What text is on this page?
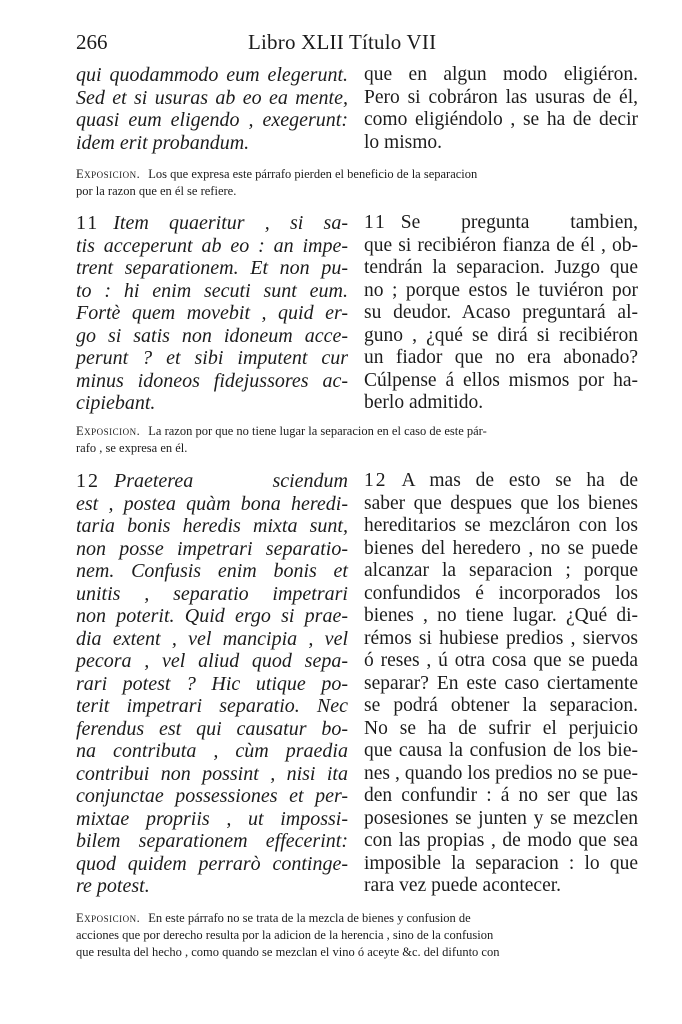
266	Libro XLII Título VII
qui quodammodo eum elegerunt.
Sed et si usuras ab eo ea mente,
quasi eum eligendo , exegerunt:
idem erit probandum.
que en algun modo eligiéron.
Pero si cobráron las usuras de él,
como eligiéndolo , se ha de decir
lo mismo.
Exposicion. Los que expresa este párrafo pierden el beneficio de la separacion
por la razon que en él se refiere.
11 Item quaeritur , si sa-
tis acceperunt ab eo : an impe-
trent separationem. Et non pu-
to : hi enim secuti sunt eum.
Fortè quem movebit , quid er-
go si satis non idoneum acce-
perunt ? et sibi imputent cur
minus idoneos fidejussores ac-
cipiebant.
11 Se pregunta tambien,
que si recibiéron fianza de él , ob-
tendrán la separacion. Juzgo que
no ; porque estos le tuviéron por
su deudor. Acaso preguntará al-
guno , ¿qué se dirá si recibiéron
un fiador que no era abonado?
Cúlpense á ellos mismos por ha-
berlo admitido.
Exposicion. La razon por que no tiene lugar la separacion en el caso de este pár-
rafo , se expresa en él.
12 Praeterea sciendum
est , postea quàm bona heredi-
taria bonis heredis mixta sunt,
non posse impetrari separatio-
nem. Confusis enim bonis et
unitis , separatio impetrari
non poterit. Quid ergo si prae-
dia extent , vel mancipia , vel
pecora , vel aliud quod sepa-
rari potest ? Hic utique po-
terit impetrari separatio. Nec
ferendus est qui causatur bo-
na contributa , cùm praedia
contribui non possint , nisi ita
conjunctae possessiones et per-
mixtae propriis , ut impossi-
bilem separationem effecerint:
quod quidem perrarò continge-
re potest.
12 A mas de esto se ha de
saber que despues que los bienes
hereditarios se mezcláron con los
bienes del heredero , no se puede
alcanzar la separacion ; porque
confundidos é incorporados los
bienes , no tiene lugar. ¿Qué di-
rémos si hubiese predios , siervos
ó reses , ú otra cosa que se pueda
separar? En este caso ciertamente
se podrá obtener la separacion.
No se ha de sufrir el perjuicio
que causa la confusion de los bie-
nes , quando los predios no se pue-
den confundir : á no ser que las
posesiones se junten y se mezclen
con las propias , de modo que sea
imposible la separacion : lo que
rara vez puede acontecer.
Exposicion. En este párrafo no se trata de la mezcla de bienes y confusion de
acciones que por derecho resulta por la adicion de la herencia , sino de la confusion
que resulta del hecho , como quando se mezclan el vino ó aceyte &c. del difunto con
